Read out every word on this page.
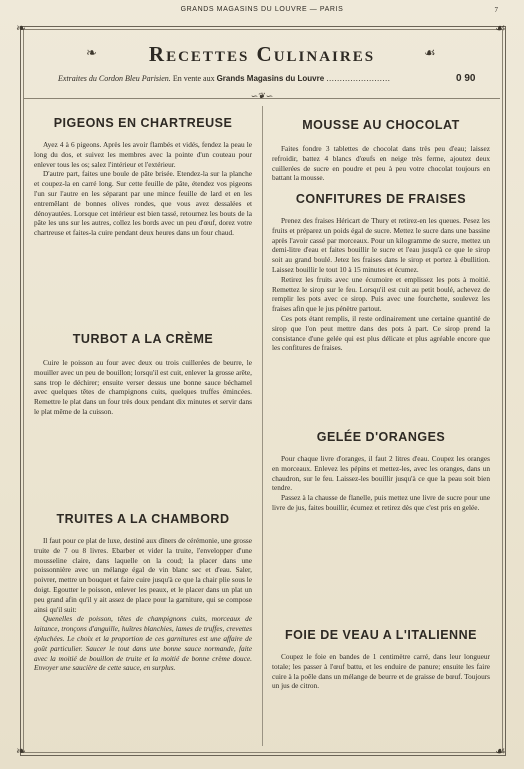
GRANDS MAGASINS DU LOUVRE — PARIS	7
❧	☙
❧	☙
❧	Recettes Culinaires	☙
Extraites du Cordon Bleu Parisien. En vente aux Grands Magasins du Louvre ……………………	0 90
∽❦∽
PIGEONS EN CHARTREUSE

Ayez 4 à 6 pigeons. Après les avoir flambés et vidés, fendez la peau le long du dos, et suivez les membres avec la pointe d'un couteau pour enlever tous les os; salez l'intérieur et l'extérieur.

D'autre part, faites une boule de pâte brisée. Etendez-la sur la planche et coupez-la en carré long. Sur cette feuille de pâte, étendez vos pigeons l'un sur l'autre en les séparant par une mince feuille de lard et en les entremêlant de bonnes olives rondes, que vous avez dessalées et dénoyautées. Lorsque cet intérieur est bien tassé, retournez les bouts de la pâte les uns sur les autres, collez les bords avec un peu d'œuf, dorez votre chartreuse et faites-la cuire pendant deux heures dans un four chaud.

TURBOT A LA CRÈME

Cuire le poisson au four avec deux ou trois cuillerées de beurre, le mouiller avec un peu de bouillon; lorsqu'il est cuit, enlever la grosse arête, sans trop le déchirer; ensuite verser dessus une bonne sauce béchamel avec quelques têtes de champignons cuits, quelques truffes émincées. Remettre le plat dans un four très doux pendant dix minutes et servir dans le plat même de la cuisson.

TRUITES A LA CHAMBORD

Il faut pour ce plat de luxe, destiné aux dîners de cérémonie, une grosse truite de 7 ou 8 livres. Ebarber et vider la truite, l'envelopper d'une mousseline claire, dans laquelle on la coud; la placer dans une poissonnière avec un mélange égal de vin blanc sec et d'eau. Saler, poivrer, mettre un bouquet et faire cuire jusqu'à ce que la chair plie sous le doigt. Egoutter le poisson, enlever les peaux, et le placer dans un plat un peu grand afin qu'il y ait assez de place pour la garniture, qui se compose ainsi qu'il suit:

Quenelles de poisson, têtes de champignons cuits, morceaux de laitance, tronçons d'anguille, huîtres blanchies, lames de truffes, crevettes épluchées. Le choix et la proportion de ces garnitures est une affaire de goût particulier. Saucer le tout dans une bonne sauce normande, faite avec la moitié de bouillon de truite et la moitié de bonne crème douce. Envoyer une saucière de cette sauce, en surplus.

MOUSSE AU CHOCOLAT

Faites fondre 3 tablettes de chocolat dans très peu d'eau; laissez refroidir, battez 4 blancs d'œufs en neige très ferme, ajoutez deux cuillerées de sucre en poudre et peu à peu votre chocolat toujours en battant la mousse.

CONFITURES DE FRAISES

Prenez des fraises Héricart de Thury et retirez-en les queues. Pesez les fruits et préparez un poids égal de sucre. Mettez le sucre dans une bassine après l'avoir cassé par morceaux. Pour un kilogramme de sucre, mettez un demi-litre d'eau et faites bouillir le sucre et l'eau jusqu'à ce que le sirop soit au grand boulé. Jetez les fraises dans le sirop et portez à ébullition. Laissez bouillir le tout 10 à 15 minutes et écumez.

Retirez les fruits avec une écumoire et emplissez les pots à moitié. Remettez le sirop sur le feu. Lorsqu'il est cuit au petit boulé, achevez de remplir les pots avec ce sirop. Puis avec une fourchette, soulevez les fraises afin que le jus pénètre partout.

Ces pots étant remplis, il reste ordinairement une certaine quantité de sirop que l'on peut mettre dans des pots à part. Ce sirop prend la consistance d'une gelée qui est plus délicate et plus agréable encore que les confitures de fraises.

GELÉE D'ORANGES

Pour chaque livre d'oranges, il faut 2 litres d'eau. Coupez les oranges en morceaux. Enlevez les pépins et mettez-les, avec les oranges, dans un chaudron, sur le feu. Laissez-les bouillir jusqu'à ce que la peau soit bien tendre.

Passez à la chausse de flanelle, puis mettez une livre de sucre pour une livre de jus, faites bouillir, écumez et retirez dès que c'est pris en gelée.

FOIE DE VEAU A L'ITALIENNE

Coupez le foie en bandes de 1 centimètre carré, dans leur longueur totale; les passer à l'œuf battu, et les enduire de panure; ensuite les faire cuire à la poêle dans un mélange de beurre et de graisse de bœuf. Toujours un jus de citron.
